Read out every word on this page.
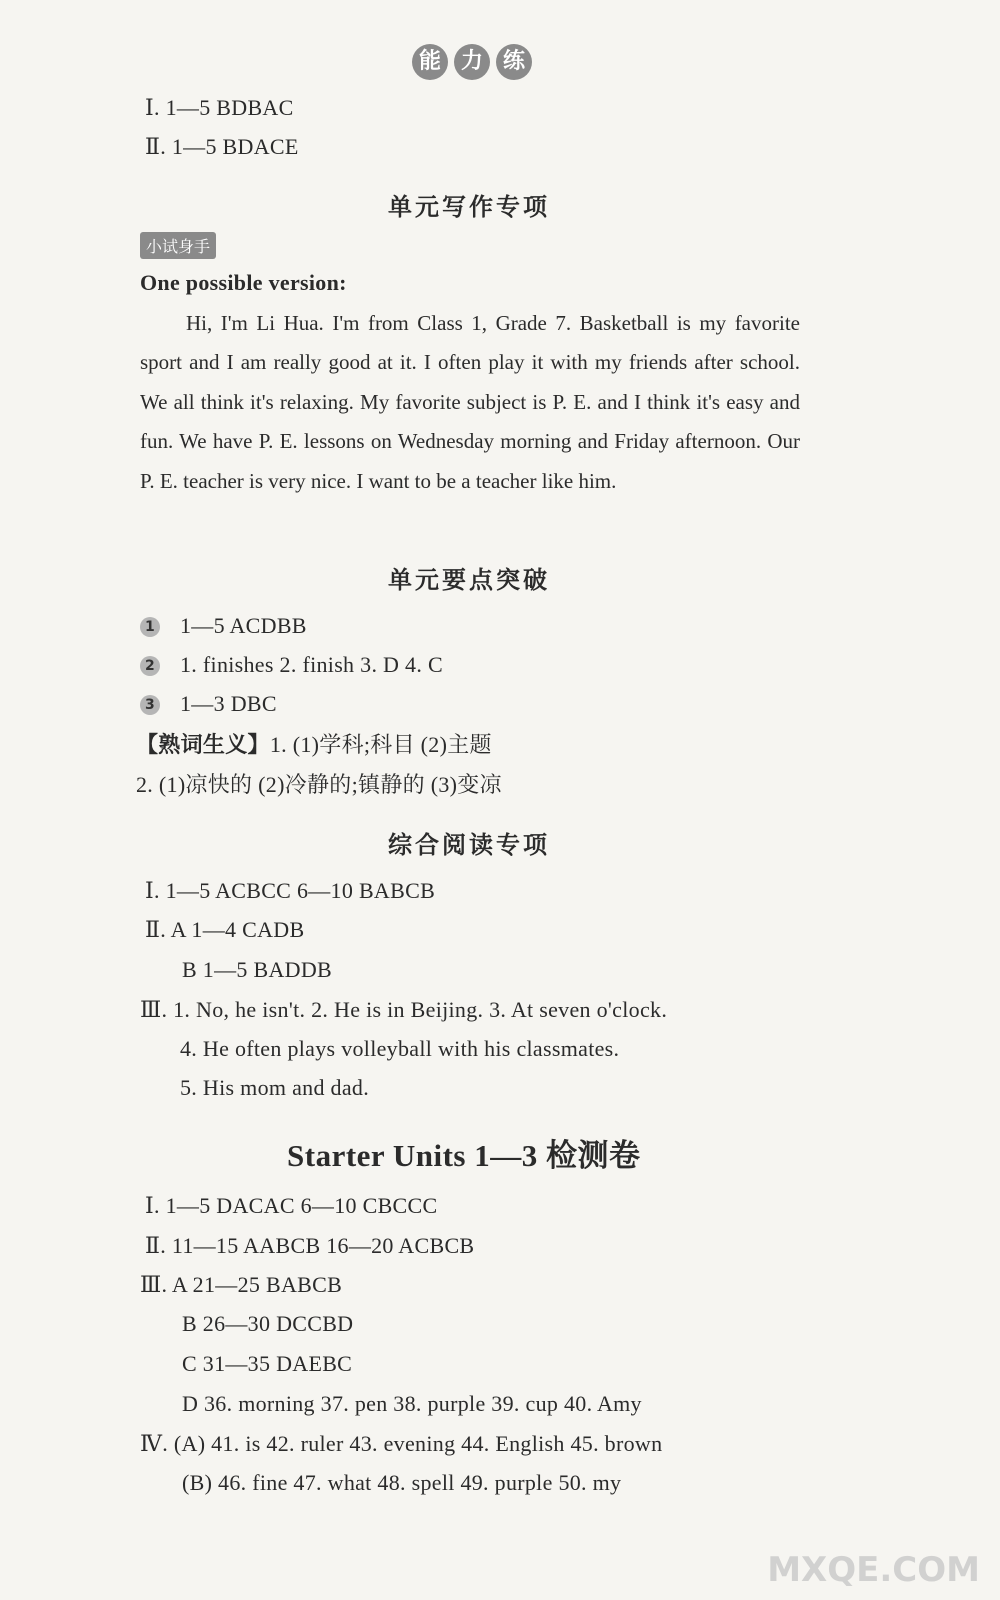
能 力 练
Ⅰ. 1—5 BDBAC
Ⅱ. 1—5 BDACE
单元写作专项
小试身手
One possible version:
Hi, I'm Li Hua. I'm from Class 1, Grade 7. Basketball is my favorite sport and I am really good at it. I often play it with my friends after school. We all think it's relaxing. My favorite subject is P. E. and I think it's easy and fun. We have P. E. lessons on Wednesday morning and Friday afternoon. Our P. E. teacher is very nice. I want to be a teacher like him.
单元要点突破
1 1—5 ACDBB
2 1. finishes 2. finish 3. D 4. C
3 1—3 DBC
【熟词生义】1. (1)学科;科目 (2)主题
2. (1)凉快的 (2)冷静的;镇静的 (3)变凉
综合阅读专项
Ⅰ. 1—5 ACBCC 6—10 BABCB
Ⅱ. A 1—4 CADB
B 1—5 BADDB
Ⅲ. 1. No, he isn't. 2. He is in Beijing. 3. At seven o'clock.
4. He often plays volleyball with his classmates.
5. His mom and dad.
Starter Units 1—3 检测卷
Ⅰ. 1—5 DACAC 6—10 CBCCC
Ⅱ. 11—15 AABCB 16—20 ACBCB
Ⅲ. A 21—25 BABCB
B 26—30 DCCBD
C 31—35 DAEBC
D 36. morning 37. pen 38. purple 39. cup 40. Amy
Ⅳ. (A) 41. is 42. ruler 43. evening 44. English 45. brown
(B) 46. fine 47. what 48. spell 49. purple 50. my
MXQE.COM
